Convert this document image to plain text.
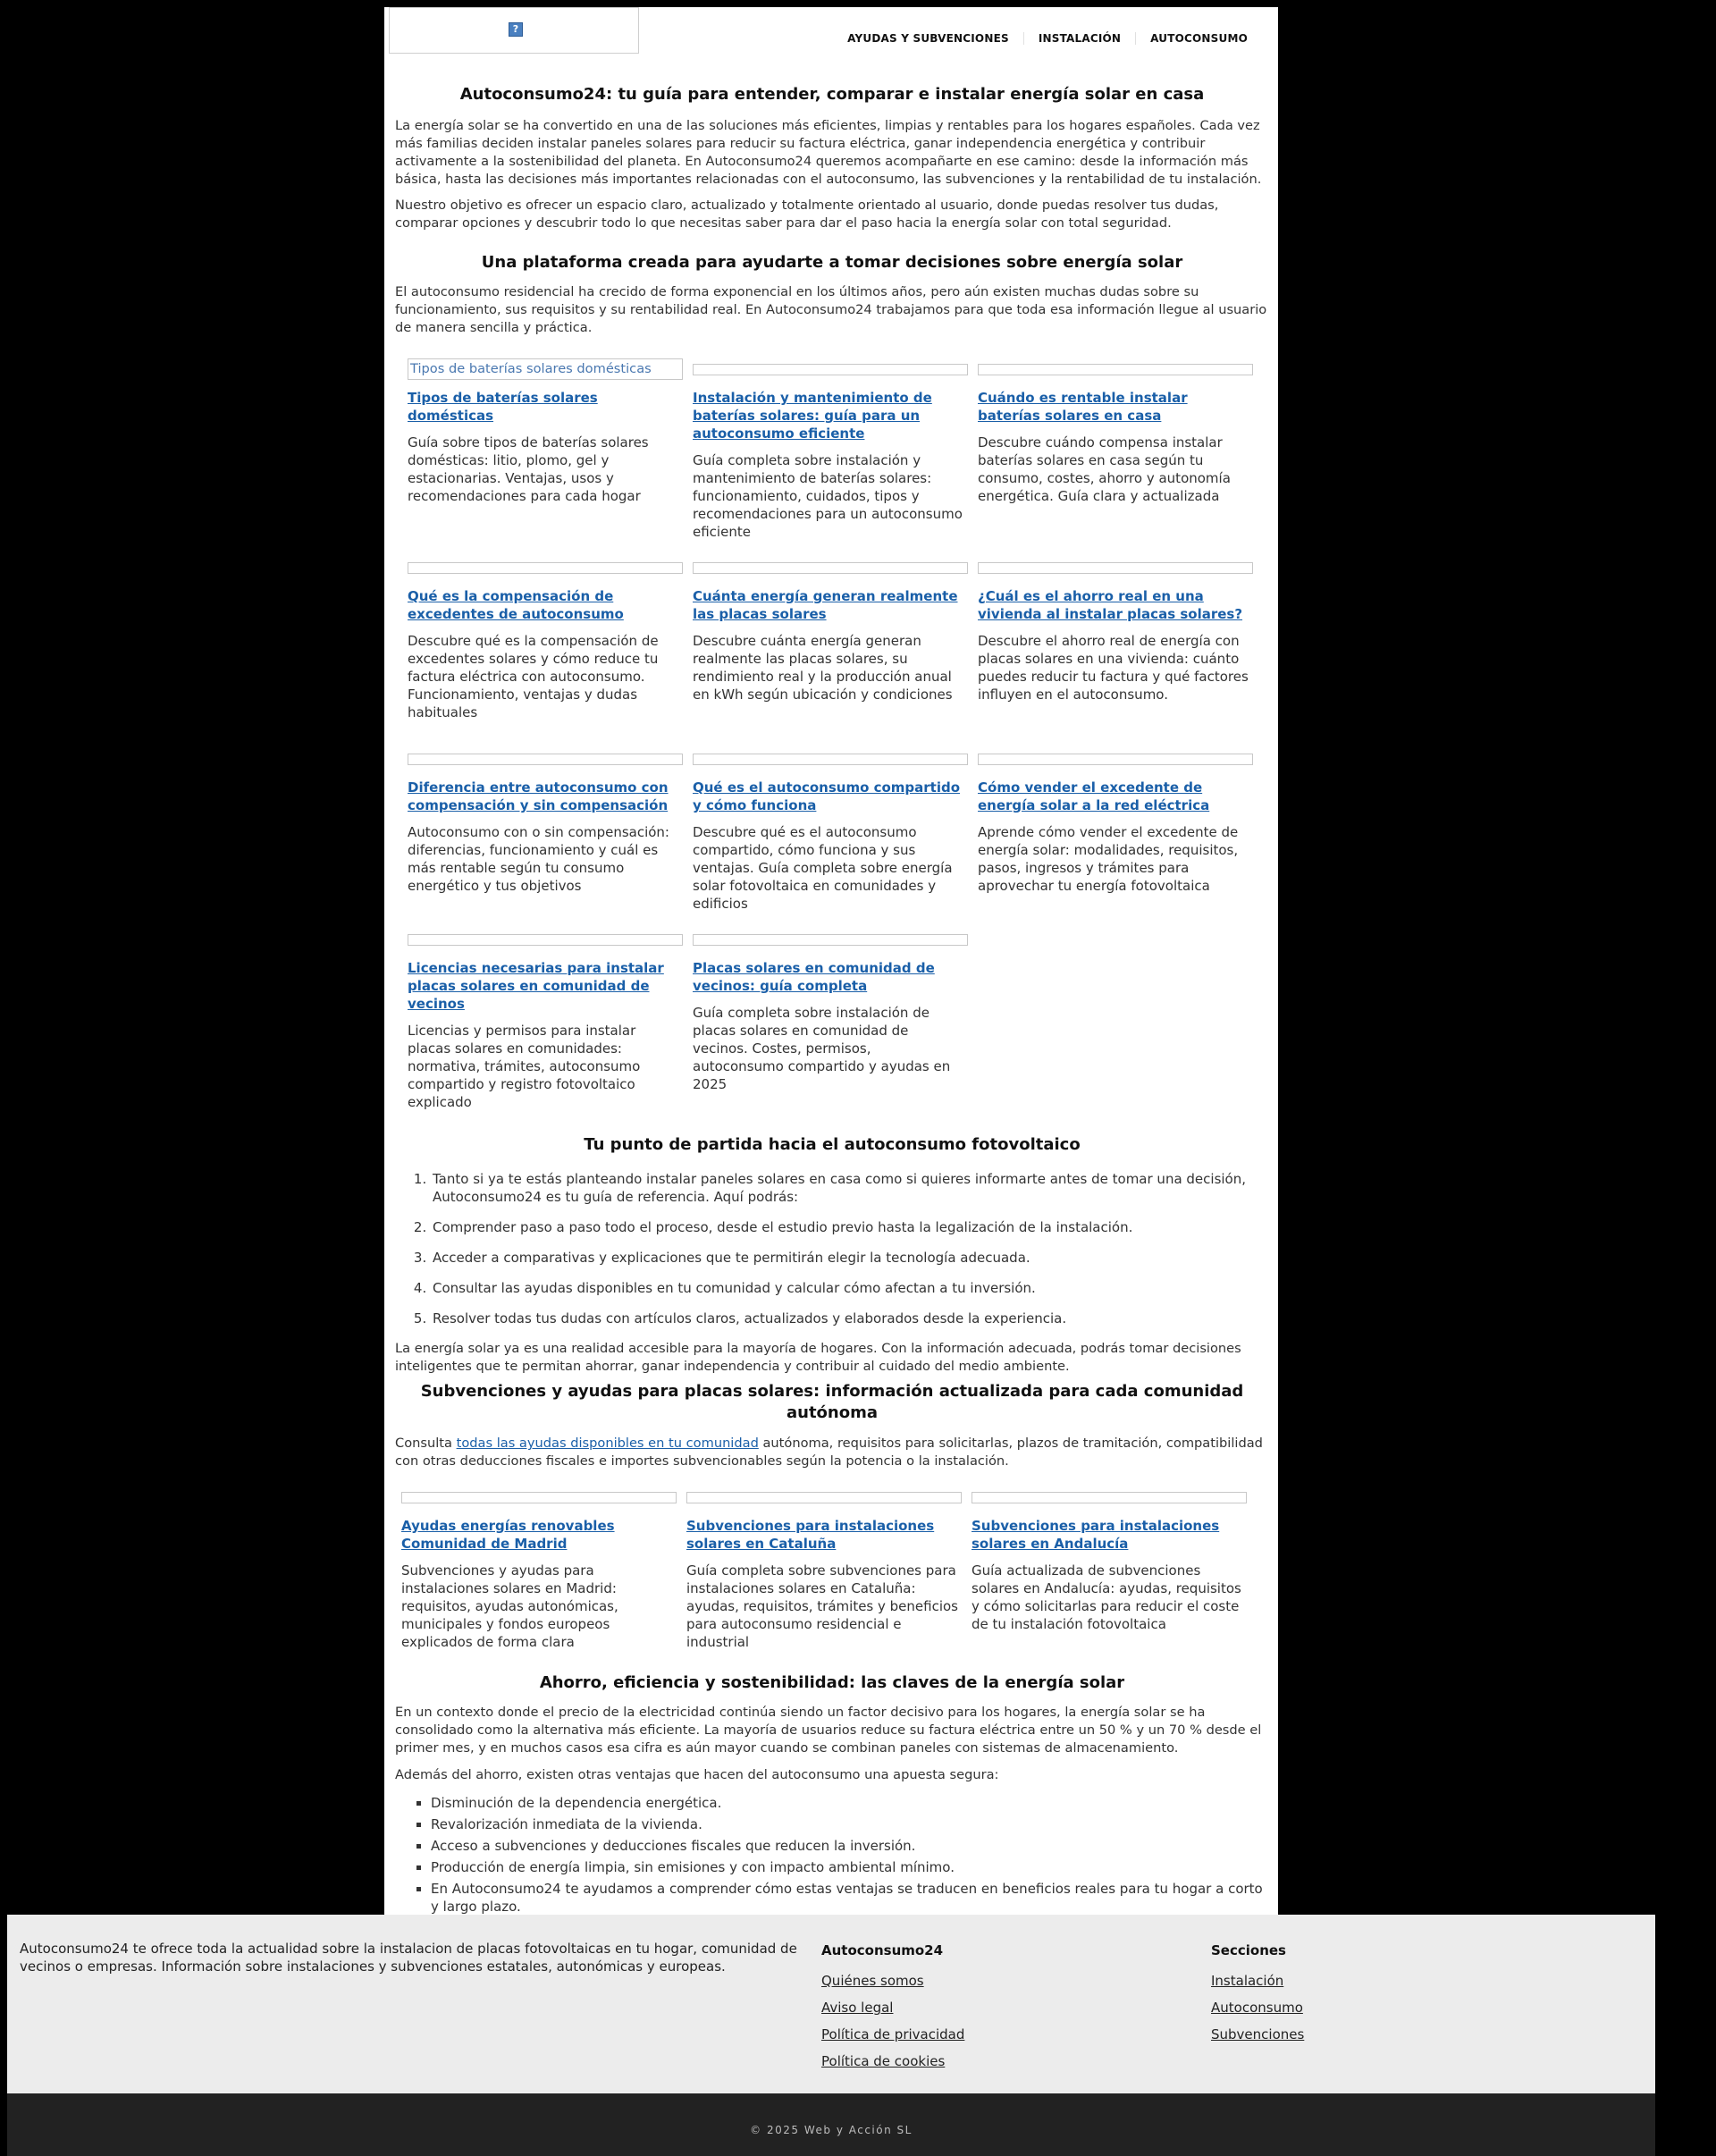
?
AYUDAS Y SUBVENCIONES	INSTALACIÓN	AUTOCONSUMO
Autoconsumo24: tu guía para entender, comparar e instalar energía solar en casa

La energía solar se ha convertido en una de las soluciones más eficientes, limpias y rentables para los hogares españoles. Cada vez más familias deciden instalar paneles solares para reducir su factura eléctrica, ganar independencia energética y contribuir activamente a la sostenibilidad del planeta. En Autoconsumo24 queremos acompañarte en ese camino: desde la información más básica, hasta las decisiones más importantes relacionadas con el autoconsumo, las subvenciones y la rentabilidad de tu instalación.

Nuestro objetivo es ofrecer un espacio claro, actualizado y totalmente orientado al usuario, donde puedas resolver tus dudas, comparar opciones y descubrir todo lo que necesitas saber para dar el paso hacia la energía solar con total seguridad.

Una plataforma creada para ayudarte a tomar decisiones sobre energía solar

El autoconsumo residencial ha crecido de forma exponencial en los últimos años, pero aún existen muchas dudas sobre su funcionamiento, sus requisitos y su rentabilidad real. En Autoconsumo24 trabajamos para que toda esa información llegue al usuario de manera sencilla y práctica.

Tipos de baterías solares domésticas
Tipos de baterías solares domésticas
Guía sobre tipos de baterías solares domésticas: litio, plomo, gel y estacionarias. Ventajas, usos y recomendaciones para cada hogar
Instalación y mantenimiento de baterías solares: guía para un autoconsumo eficiente
Guía completa sobre instalación y mantenimiento de baterías solares: funcionamiento, cuidados, tipos y recomendaciones para un autoconsumo eficiente
Cuándo es rentable instalar baterías solares en casa
Descubre cuándo compensa instalar baterías solares en casa según tu consumo, costes, ahorro y autonomía energética. Guía clara y actualizada
Qué es la compensación de excedentes de autoconsumo
Descubre qué es la compensación de excedentes solares y cómo reduce tu factura eléctrica con autoconsumo. Funcionamiento, ventajas y dudas habituales
Cuánta energía generan realmente las placas solares
Descubre cuánta energía generan realmente las placas solares, su rendimiento real y la producción anual en kWh según ubicación y condiciones
¿Cuál es el ahorro real en una vivienda al instalar placas solares?
Descubre el ahorro real de energía con placas solares en una vivienda: cuánto puedes reducir tu factura y qué factores influyen en el autoconsumo.
Diferencia entre autoconsumo con compensación y sin compensación
Autoconsumo con o sin compensación: diferencias, funcionamiento y cuál es más rentable según tu consumo energético y tus objetivos
Qué es el autoconsumo compartido y cómo funciona
Descubre qué es el autoconsumo compartido, cómo funciona y sus ventajas. Guía completa sobre energía solar fotovoltaica en comunidades y edificios
Cómo vender el excedente de energía solar a la red eléctrica
Aprende cómo vender el excedente de energía solar: modalidades, requisitos, pasos, ingresos y trámites para aprovechar tu energía fotovoltaica
Licencias necesarias para instalar placas solares en comunidad de vecinos
Licencias y permisos para instalar placas solares en comunidades: normativa, trámites, autoconsumo compartido y registro fotovoltaico explicado
Placas solares en comunidad de vecinos: guía completa
Guía completa sobre instalación de placas solares en comunidad de vecinos. Costes, permisos, autoconsumo compartido y ayudas en 2025
Tu punto de partida hacia el autoconsumo fotovoltaico
1. Tanto si ya te estás planteando instalar paneles solares en casa como si quieres informarte antes de tomar una decisión, Autoconsumo24 es tu guía de referencia. Aquí podrás:
2. Comprender paso a paso todo el proceso, desde el estudio previo hasta la legalización de la instalación.
3. Acceder a comparativas y explicaciones que te permitirán elegir la tecnología adecuada.
4. Consultar las ayudas disponibles en tu comunidad y calcular cómo afectan a tu inversión.
5. Resolver todas tus dudas con artículos claros, actualizados y elaborados desde la experiencia.

La energía solar ya es una realidad accesible para la mayoría de hogares. Con la información adecuada, podrás tomar decisiones inteligentes que te permitan ahorrar, ganar independencia y contribuir al cuidado del medio ambiente.

Subvenciones y ayudas para placas solares: información actualizada para cada comunidad autónoma

Consulta todas las ayudas disponibles en tu comunidad autónoma, requisitos para solicitarlas, plazos de tramitación, compatibilidad con otras deducciones fiscales e importes subvencionables según la potencia o la instalación.

Ayudas energías renovables Comunidad de Madrid
Subvenciones y ayudas para instalaciones solares en Madrid: requisitos, ayudas autonómicas, municipales y fondos europeos explicados de forma clara
Subvenciones para instalaciones solares en Cataluña
Guía completa sobre subvenciones para instalaciones solares en Cataluña: ayudas, requisitos, trámites y beneficios para autoconsumo residencial e industrial
Subvenciones para instalaciones solares en Andalucía
Guía actualizada de subvenciones solares en Andalucía: ayudas, requisitos y cómo solicitarlas para reducir el coste de tu instalación fotovoltaica
Ahorro, eficiencia y sostenibilidad: las claves de la energía solar

En un contexto donde el precio de la electricidad continúa siendo un factor decisivo para los hogares, la energía solar se ha consolidado como la alternativa más eficiente. La mayoría de usuarios reduce su factura eléctrica entre un 50 % y un 70 % desde el primer mes, y en muchos casos esa cifra es aún mayor cuando se combinan paneles con sistemas de almacenamiento.

Además del ahorro, existen otras ventajas que hacen del autoconsumo una apuesta segura:

▪ Disminución de la dependencia energética.
▪ Revalorización inmediata de la vivienda.
▪ Acceso a subvenciones y deducciones fiscales que reducen la inversión.
▪ Producción de energía limpia, sin emisiones y con impacto ambiental mínimo.
▪ En Autoconsumo24 te ayudamos a comprender cómo estas ventajas se traducen en beneficios reales para tu hogar a corto y largo plazo.
Autoconsumo24 te ofrece toda la actualidad sobre la instalacion de placas fotovoltaicas en tu hogar, comunidad de vecinos o empresas. Información sobre instalaciones y subvenciones estatales, autonómicas y europeas.
Autoconsumo24
Quiénes somos
Aviso legal
Política de privacidad
Política de cookies
Secciones
Instalación
Autoconsumo
Subvenciones
© 2025 Web y Acción SL
